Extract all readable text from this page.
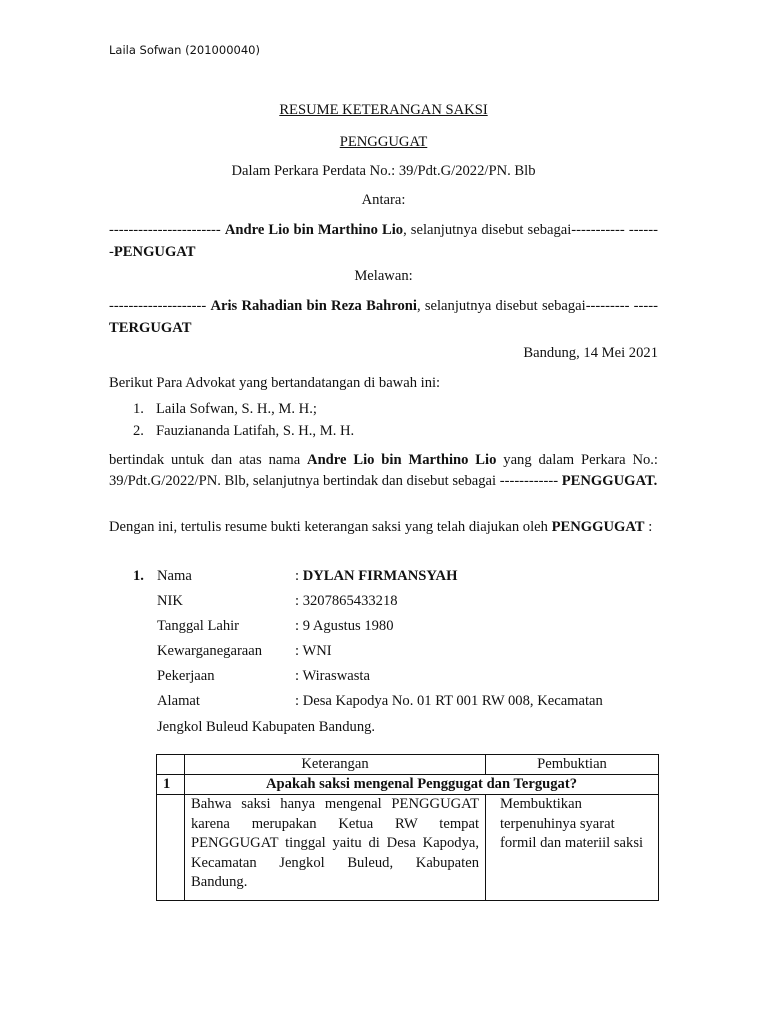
Laila Sofwan (201000040)
RESUME KETERANGAN SAKSI
PENGGUGAT
Dalam Perkara Perdata No.: 39/Pdt.G/2022/PN. Blb
Antara:
----------------------- Andre Lio bin Marthino Lio, selanjutnya disebut sebagai----------- -------PENGUGAT
Melawan:
-------------------- Aris Rahadian bin Reza Bahroni, selanjutnya disebut sebagai--------- -----TERGUGAT
Bandung, 14 Mei 2021
Berikut Para Advokat yang bertandatangan di bawah ini:
1. Laila Sofwan, S. H., M. H.;
2. Fauziananda Latifah, S. H., M. H.
bertindak untuk dan atas nama Andre Lio bin Marthino Lio yang dalam Perkara No.: 39/Pdt.G/2022/PN. Blb, selanjutnya bertindak dan disebut sebagai ------------ PENGGUGAT.
Dengan ini, tertulis resume bukti keterangan saksi yang telah diajukan oleh PENGGUGAT :
1. Nama	: DYLAN FIRMANSYAH
NIK	: 3207865433218
Tanggal Lahir	: 9 Agustus 1980
Kewarganegaraan : WNI
Pekerjaan	: Wiraswasta
Alamat	: Desa Kapodya No. 01 RT 001 RW 008, Kecamatan
Jengkol Buleud Kabupaten Bandung.
	Keterangan	Pembuktian
1	Apakah saksi mengenal Penggugat dan Tergugat?	
	Bahwa saksi hanya mengenal PENGGUGAT karena merupakan Ketua RW tempat PENGGUGAT tinggal yaitu di Desa Kapodya, Kecamatan Jengkol Buleud, Kabupaten Bandung.	Membuktikan terpenuhinya syarat formil dan materiil saksi
